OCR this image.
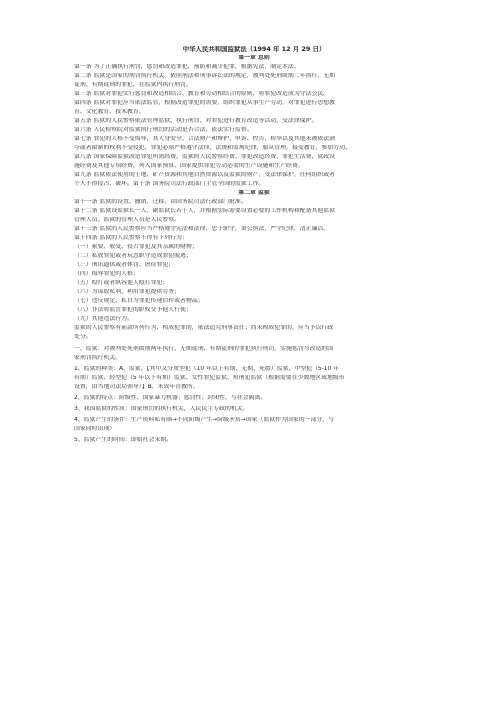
中华人民共和国监狱法（1994 年 12 月 29 日）
第一章 总则
第一条 为了正确执行刑罚，惩罚和改造罪犯，预防和减少犯罪，根据宪法，制定本法。
第二条 监狱是国家的刑罚执行机关。依照刑法和刑事诉讼法的规定，被判处死刑缓期二年执行、无期
徒刑、有期徒刑的罪犯，在监狱内执行刑罚。
第三条 监狱对罪犯实行惩罚和改造相结合、教育和劳动相结合的原则，将罪犯改造成为守法公民。
第四条 监狱对罪犯应当依法监管，根据改造罪犯的需要，组织罪犯从事生产劳动，对罪犯进行思想教
育、文化教育、技术教育。
第五条 监狱的人民警察依法管理监狱、执行刑罚，对罪犯进行教育改造等活动，受法律保护。
第六条 人民检察院对监狱执行刑罚的活动是否合法，依法实行监督。
第七条 罪犯的人格不受侮辱，其人身安全、合法财产和辩护、申诉、控告、检举以及其他未被依法剥
夺或者限制的权利不受侵犯。罪犯必须严格遵守法律、法规和监规纪律，服从管理，接受教育，参加劳动。
第八条 国家保障监狱改造罪犯所需经费。监狱的人民警察经费、罪犯改造经费、罪犯生活费、狱政设
施经费及其他专项经费，列入国家预算。国家提供罪犯劳动必需的生产设施和生产经费。
第九条 监狱依法使用的土地、矿产资源和其他自然资源以及监狱的财产，受法律保护，任何组织或者
个人不得侵占、破坏。第十条 国务院司法行政部门主管全国的监狱工作。
第二章 监狱
第十一条 监狱的设置、撤销、迁移，由国务院司法行政部门批准。
第十二条 监狱设监狱长一人、副监狱长若干人，并根据实际需要设置必要的工作机构和配备其他监狱
管理人员。监狱的管理人员是人民警察。
第十三条 监狱的人民警察应当严格遵守宪法和法律，忠于职守，秉公执法，严守纪律，清正廉洁。
第十四条 监狱的人民警察不得有下列行为：
（一）索要、收受、侵占罪犯及其亲属的财物；
（二）私放罪犯或者玩忽职守造成罪犯脱逃；
（三）刑讯逼供或者体罚、虐待罪犯；
（四）侮辱罪犯的人格；
（五）殴打或者纵容他人殴打罪犯；
（六）为谋取私利，利用罪犯提供劳务；
（七）违反规定，私自为罪犯传递信件或者物品；
（八）非法将监管罪犯的职权交予他人行使；
（九）其他违法行为。
监狱的人民警察有前款所列行为，构成犯罪的，依法追究刑事责任；尚未构成犯罪的，应当予以行政
处分。
一、监狱：对被判处死刑缓期两年执行、无期徒刑、有期徒刑的罪犯执行刑罚，实施惩罚与改造的国
家刑罚执行机关。
1、监狱的种类：A、监狱。【其中又分重型犯（10 年以上有期、无期、死缓）监狱、中型犯（5-10 年
有期）监狱、轻型犯（5 年以下有期）监狱、女性罪犯监狱、短刑犯监狱（根据需要在少数地区或地级市
设置，由当地司法局领导）】B、未成年管教所。
2、监狱的特点：阶级性、国家暴力机器；惩罚性；封闭性，与社会隔离。
3、我国监狱的性质：国家刑罚的执行机关，人民民主专政的机关。
4、监狱产生的条件：生产资料私有制→不同阶级产生→阶级矛盾→国家（监狱作为国家的一部分，与
国家同时出现）
5、监狱产生的时间：即始社会末期。
